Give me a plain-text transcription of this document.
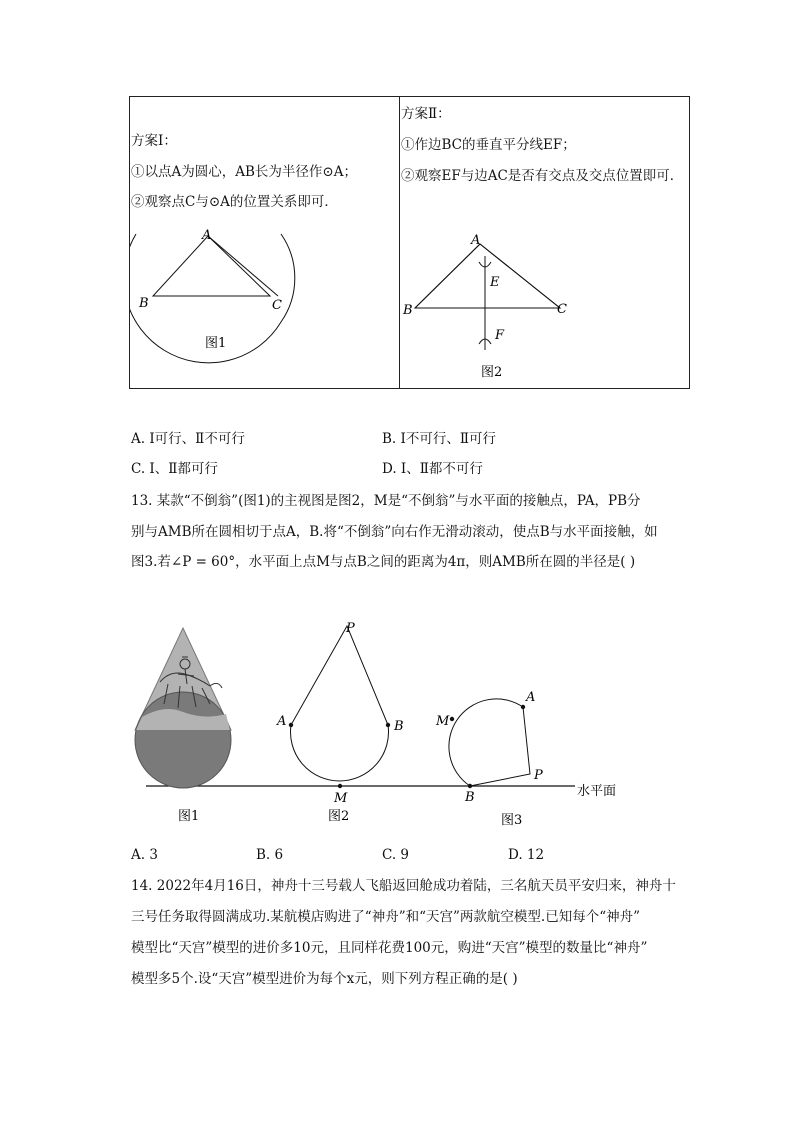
方案Ⅰ：
①以点A为圆心，AB长为半径作⊙A；
②观察点C与⊙A的位置关系即可．
方案Ⅱ：
①作边BC的垂直平分线EF；
②观察EF与边AC是否有交点及交点位置即可．
A
B	C
图1
A
B	C
E
F
图2
A. Ⅰ可行、Ⅱ不可行	B. Ⅰ不可行、Ⅱ可行
C. Ⅰ、Ⅱ都可行	D. Ⅰ、Ⅱ都不可行
13. 某款“不倒翁”(图1)的主视图是图2，M是“不倒翁”与水平面的接触点，PA，PB分
别与AMB所在圆相切于点A，B.将“不倒翁”向右作无滑动滚动，使点B与水平面接触，如
图3.若∠P = 60°，水平面上点M与点B之间的距离为4π，则AMB所在圆的半径是( )
图1
P
A	B
M
图2
A
M
P
B	水平面
图3
A. 3	B. 6	C. 9	D. 12
14. 2022年4月16日，神舟十三号载人飞船返回舱成功着陆，三名航天员平安归来，神舟十
三号任务取得圆满成功.某航模店购进了“神舟”和“天宫”两款航空模型.已知每个“神舟”
模型比“天宫”模型的进价多10元，且同样花费100元，购进“天宫”模型的数量比“神舟”
模型多5个.设“天宫”模型进价为每个x元，则下列方程正确的是( )
